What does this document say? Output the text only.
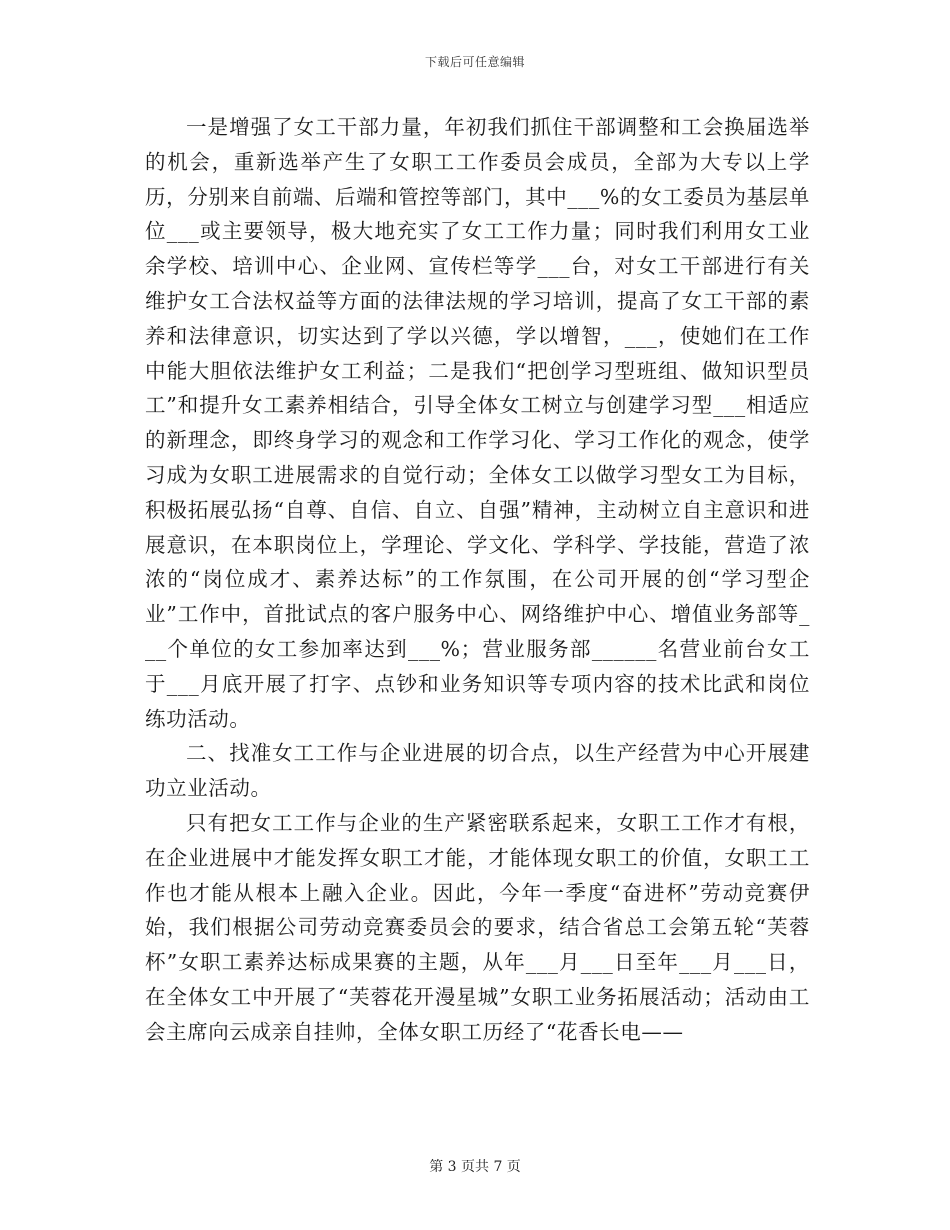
下载后可任意编辑

一是增强了女工干部力量，年初我们抓住干部调整和工会换届选举的机会，重新选举产生了女职工工作委员会成员，全部为大专以上学历，分别来自前端、后端和管控等部门，其中___%的女工委员为基层单位___或主要领导，极大地充实了女工工作力量；同时我们利用女工业余学校、培训中心、企业网、宣传栏等学___台，对女工干部进行有关维护女工合法权益等方面的法律法规的学习培训，提高了女工干部的素养和法律意识，切实达到了学以兴德，学以增智，___，使她们在工作中能大胆依法维护女工利益；二是我们“把创学习型班组、做知识型员工”和提升女工素养相结合，引导全体女工树立与创建学习型___相适应的新理念，即终身学习的观念和工作学习化、学习工作化的观念，使学习成为女职工进展需求的自觉行动；全体女工以做学习型女工为目标，积极拓展弘扬“自尊、自信、自立、自强”精神，主动树立自主意识和进展意识，在本职岗位上，学理论、学文化、学科学、学技能，营造了浓浓的“岗位成才、素养达标”的工作氛围，在公司开展的创“学习型企业”工作中，首批试点的客户服务中心、网络维护中心、增值业务部等___个单位的女工参加率达到___%；营业服务部______名营业前台女工于___月底开展了打字、点钞和业务知识等专项内容的技术比武和岗位练功活动。

二、找准女工工作与企业进展的切合点，以生产经营为中心开展建功立业活动。

只有把女工工作与企业的生产紧密联系起来，女职工工作才有根，在企业进展中才能发挥女职工才能，才能体现女职工的价值，女职工工作也才能从根本上融入企业。因此，今年一季度“奋进杯”劳动竞赛伊始，我们根据公司劳动竞赛委员会的要求，结合省总工会第五轮“芙蓉杯”女职工素养达标成果赛的主题，从年___月___日至年___月___日，在全体女工中开展了“芙蓉花开漫星城”女职工业务拓展活动；活动由工会主席向云成亲自挂帅，全体女职工历经了“花香长电——

第 3 页共 7 页
